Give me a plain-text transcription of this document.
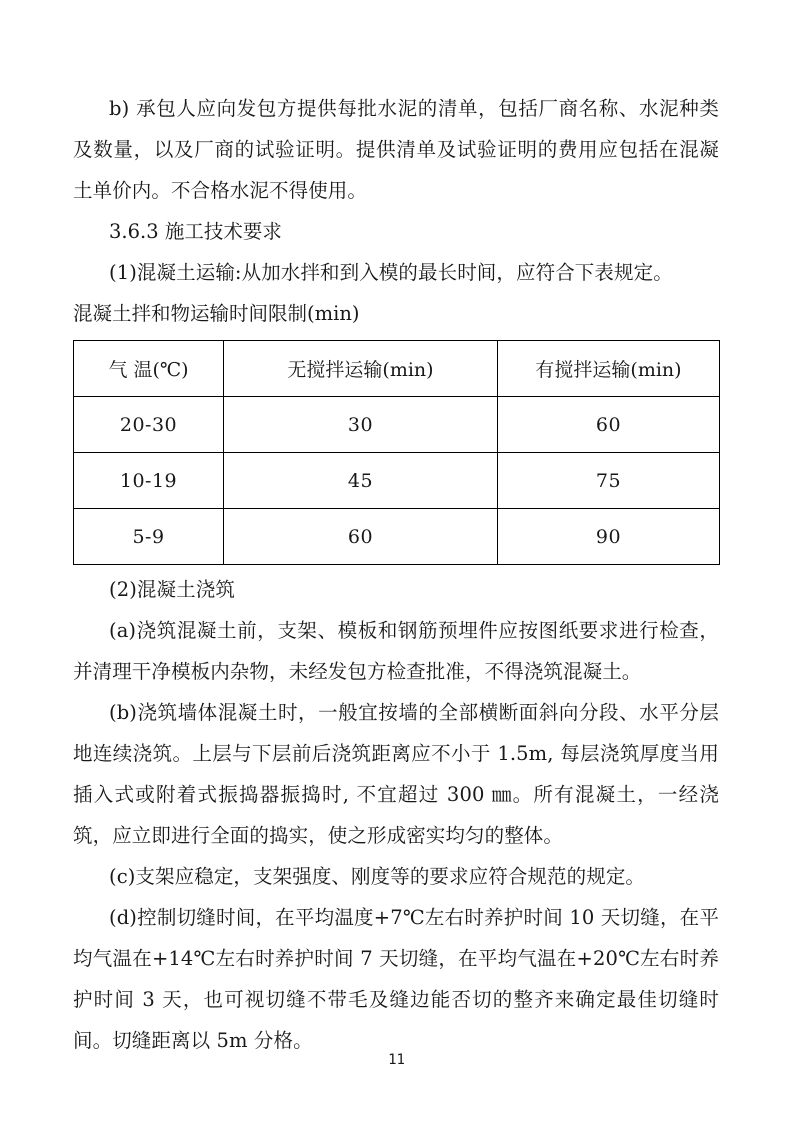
b) 承包人应向发包方提供每批水泥的清单，包括厂商名称、水泥种类及数量，以及厂商的试验证明。提供清单及试验证明的费用应包括在混凝土单价内。不合格水泥不得使用。

3.6.3 施工技术要求

(1)混凝土运输:从加水拌和到入模的最长时间，应符合下表规定。

混凝土拌和物运输时间限制(min)

气 温(℃)	无搅拌运输(min)	有搅拌运输(min)
20-30	30	60
10-19	45	75
5-9	60	90

(2)混凝土浇筑

(a)浇筑混凝土前，支架、模板和钢筋预埋件应按图纸要求进行检查，并清理干净模板内杂物，未经发包方检查批准，不得浇筑混凝土。

(b)浇筑墙体混凝土时，一般宜按墙的全部横断面斜向分段、水平分层地连续浇筑。上层与下层前后浇筑距离应不小于 1.5m, 每层浇筑厚度当用插入式或附着式振捣器振捣时, 不宜超过 300 ㎜。所有混凝土，一经浇筑，应立即进行全面的捣实，使之形成密实均匀的整体。

(c)支架应稳定，支架强度、刚度等的要求应符合规范的规定。

(d)控制切缝时间，在平均温度+7℃左右时养护时间 10 天切缝，在平均气温在+14℃左右时养护时间 7 天切缝，在平均气温在+20℃左右时养护时间 3 天，也可视切缝不带毛及缝边能否切的整齐来确定最佳切缝时间。切缝距离以 5m 分格。

11
